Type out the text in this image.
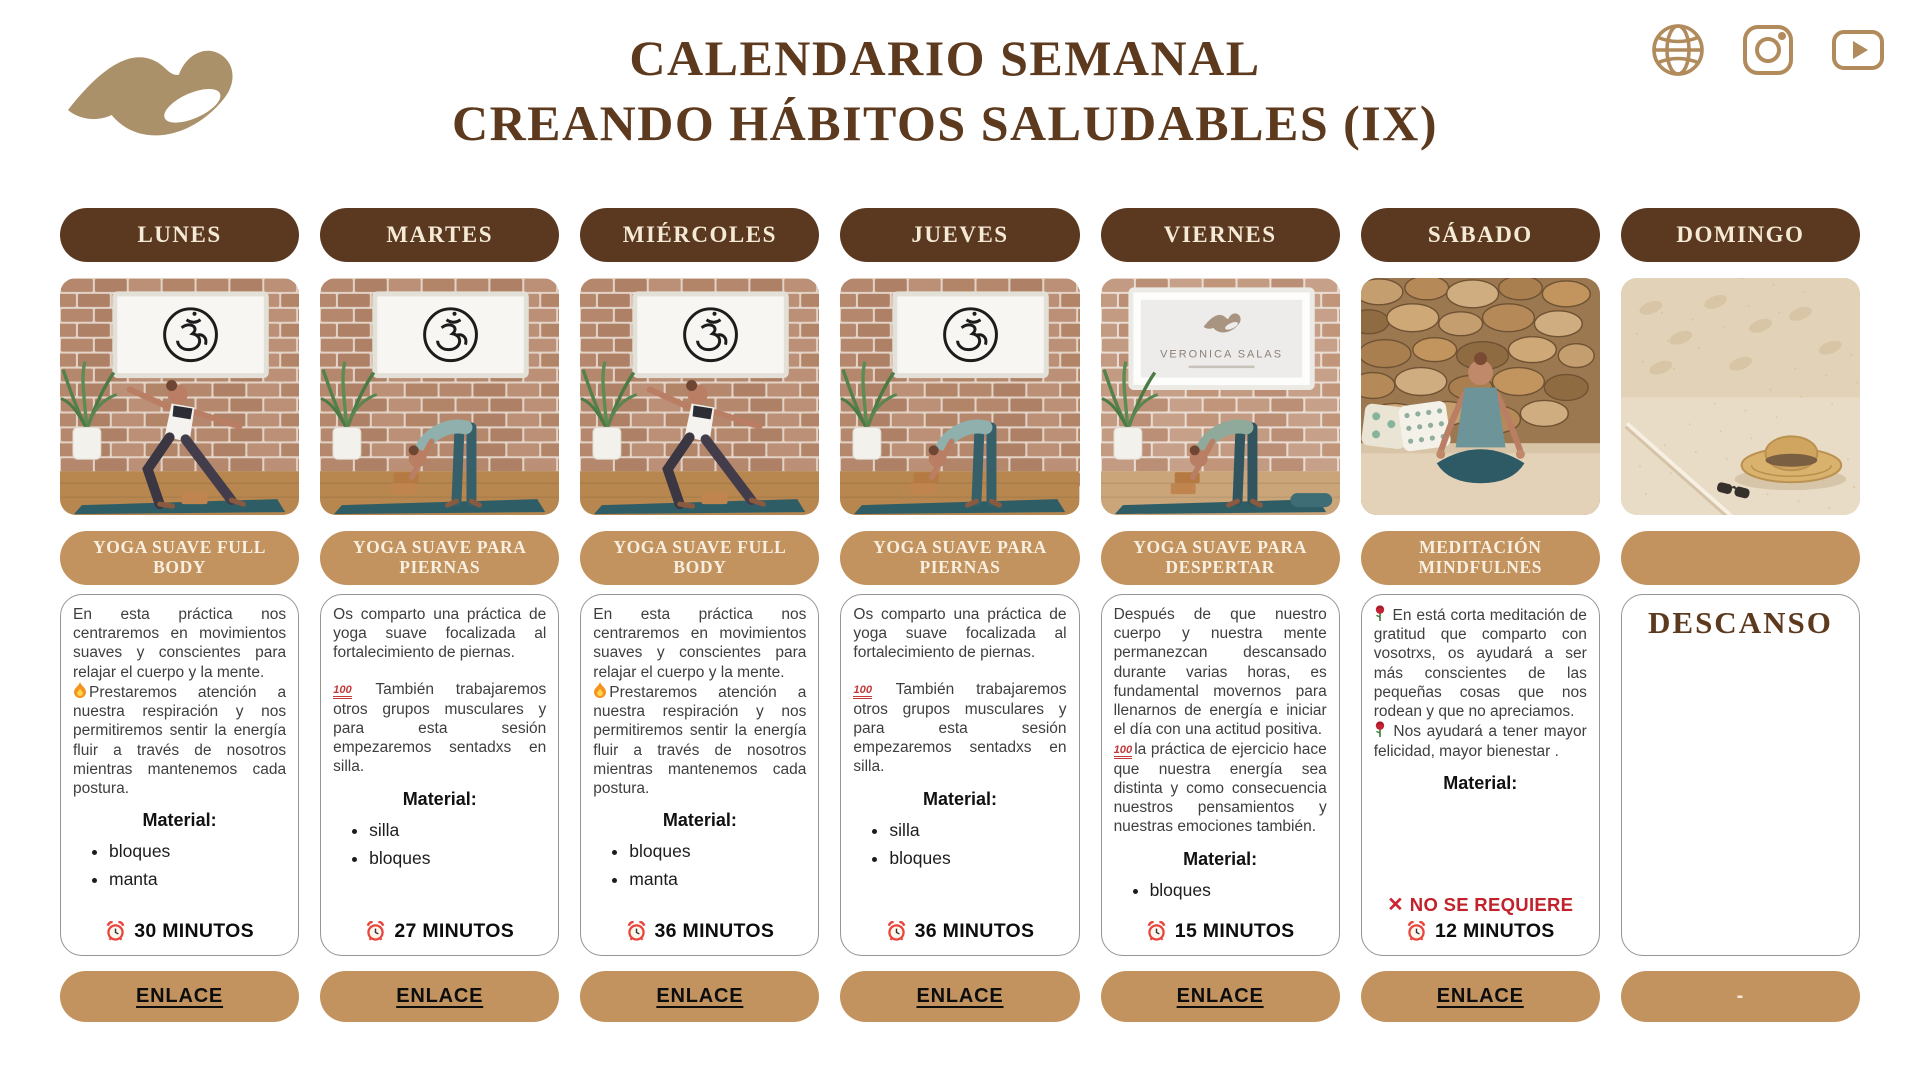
CALENDARIO SEMANAL
CREANDO HÁBITOS SALUDABLES (IX)
LUNES
YOGA SUAVE FULL BODY

En esta práctica nos centraremos en movimientos suaves y conscientes para relajar el cuerpo y la mente.

Prestaremos atención a nuestra respiración y nos permitiremos sentir la energía fluir a través de nosotros mientras mantenemos cada postura.

Material:
• bloques
• manta
30 MINUTOS
ENLACE
MARTES
YOGA SUAVE PARA PIERNAS

Os comparto una práctica de yoga suave focalizada al fortalecimiento de piernas.

100 También trabajaremos otros grupos musculares y para esta sesión empezaremos sentadxs en silla.

Material:
• silla
• bloques
27 MINUTOS
ENLACE
MIÉRCOLES
YOGA SUAVE FULL BODY

En esta práctica nos centraremos en movimientos suaves y conscientes para relajar el cuerpo y la mente.

Prestaremos atención a nuestra respiración y nos permitiremos sentir la energía fluir a través de nosotros mientras mantenemos cada postura.

Material:
• bloques
• manta
36 MINUTOS
ENLACE
JUEVES
YOGA SUAVE PARA PIERNAS

Os comparto una práctica de yoga suave focalizada al fortalecimiento de piernas.

100 También trabajaremos otros grupos musculares y para esta sesión empezaremos sentadxs en silla.

Material:
• silla
• bloques
36 MINUTOS
ENLACE
VIERNES
VERONICA SALAS
YOGA SUAVE PARA DESPERTAR

Después de que nuestro cuerpo y nuestra mente permanezcan descansado durante varias horas, es fundamental movernos para llenarnos de energía e iniciar el día con una actitud positiva.

100 la práctica de ejercicio hace que nuestra energía sea distinta y como consecuencia nuestros pensamientos y nuestras emociones también.

Material:
• bloques
15 MINUTOS
ENLACE
SÁBADO
MEDITACIÓN MINDFULNES

En está corta meditación de gratitud que comparto con vosotrxs, os ayudará a ser más conscientes de las pequeñas cosas que nos rodean y que no apreciamos.

Nos ayudará a tener mayor felicidad, mayor bienestar .

Material:
✕ NO SE REQUIERE
12 MINUTOS
ENLACE
DOMINGO
DESCANSO
-
